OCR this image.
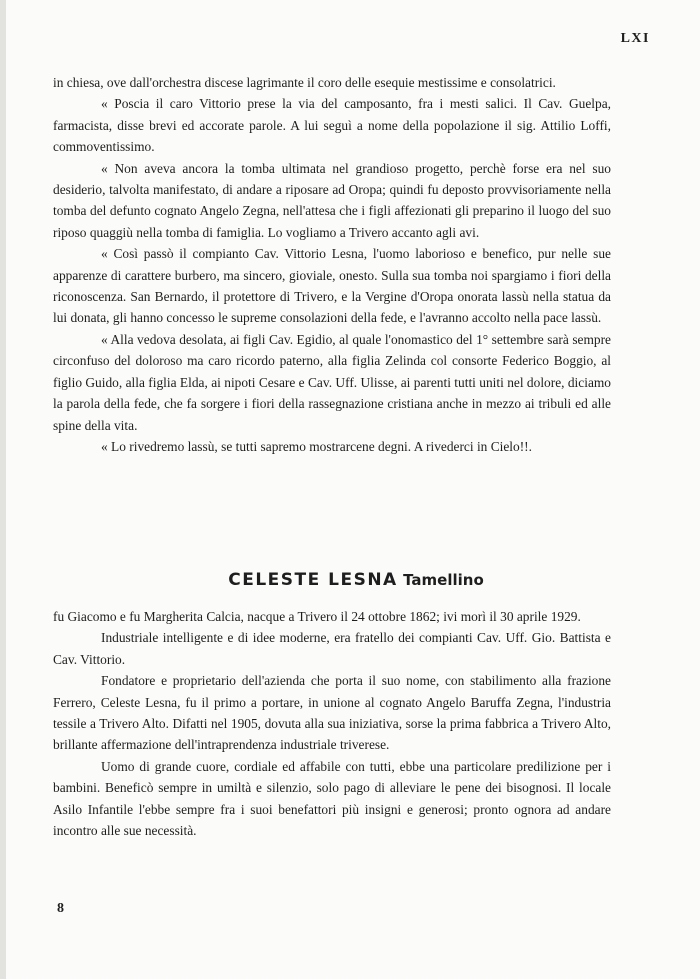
LXI

in chiesa, ove dall'orchestra discese lagrimante il coro delle esequie mestissime e consolatrici.

« Poscia il caro Vittorio prese la via del camposanto, fra i mesti salici. Il Cav. Guelpa, farmacista, disse brevi ed accorate parole. A lui seguì a nome della popolazione il sig. Attilio Loffi, commoventissimo.

« Non aveva ancora la tomba ultimata nel grandioso progetto, perchè forse era nel suo desiderio, talvolta manifestato, di andare a riposare ad Oropa; quindi fu deposto provvisoriamente nella tomba del defunto cognato Angelo Zegna, nell'attesa che i figli affezionati gli preparino il luogo del suo riposo quaggiù nella tomba di famiglia. Lo vogliamo a Trivero accanto agli avi.

« Così passò il compianto Cav. Vittorio Lesna, l'uomo laborioso e benefico, pur nelle sue apparenze di carattere burbero, ma sincero, gioviale, onesto. Sulla sua tomba noi spargiamo i fiori della riconoscenza. San Bernardo, il protettore di Trivero, e la Vergine d'Oropa onorata lassù nella statua da lui donata, gli hanno concesso le supreme consolazioni della fede, e l'avranno accolto nella pace lassù.

« Alla vedova desolata, ai figli Cav. Egidio, al quale l'onomastico del 1° settembre sarà sempre circonfuso del doloroso ma caro ricordo paterno, alla figlia Zelinda col consorte Federico Boggio, al figlio Guido, alla figlia Elda, ai nipoti Cesare e Cav. Uff. Ulisse, ai parenti tutti uniti nel dolore, diciamo la parola della fede, che fa sorgere i fiori della rassegnazione cristiana anche in mezzo ai tribuli ed alle spine della vita.

« Lo rivedremo lassù, se tutti sapremo mostrarcene degni. A rivederci in Cielo!!.

CELESTE LESNA Tamellino

fu Giacomo e fu Margherita Calcia, nacque a Trivero il 24 ottobre 1862; ivi morì il 30 aprile 1929.

Industriale intelligente e di idee moderne, era fratello dei compianti Cav. Uff. Gio. Battista e Cav. Vittorio.

Fondatore e proprietario dell'azienda che porta il suo nome, con stabilimento alla frazione Ferrero, Celeste Lesna, fu il primo a portare, in unione al cognato Angelo Baruffa Zegna, l'industria tessile a Trivero Alto. Difatti nel 1905, dovuta alla sua iniziativa, sorse la prima fabbrica a Trivero Alto, brillante affermazione dell'intraprendenza industriale triverese.

Uomo di grande cuore, cordiale ed affabile con tutti, ebbe una particolare predilizione per i bambini. Beneficò sempre in umiltà e silenzio, solo pago di alleviare le pene dei bisognosi. Il locale Asilo Infantile l'ebbe sempre fra i suoi benefattori più insigni e generosi; pronto ognora ad andare incontro alle sue necessità.

8
